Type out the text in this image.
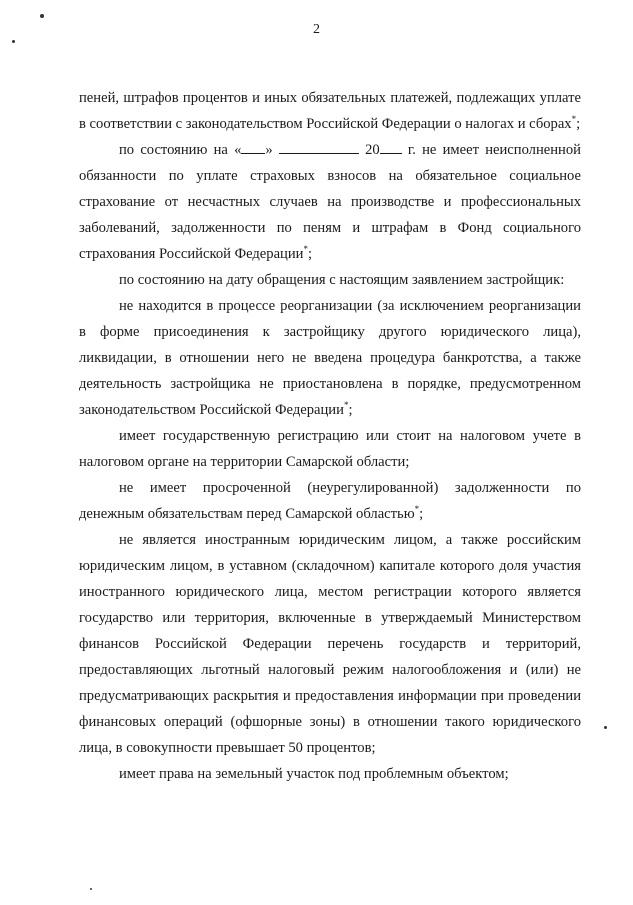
2

пеней, штрафов процентов и иных обязательных платежей, подлежащих уплате в соответствии с законодательством Российской Федерации о налогах и сборах*;

по состоянию на « »	20 г. не имеет неисполненной обязанности по уплате страховых взносов на обязательное социальное страхование от несчастных случаев на производстве и профессиональных заболеваний, задолженности по пеням и штрафам в Фонд социального страхования Российской Федерации*;

по состоянию на дату обращения с настоящим заявлением застройщик:

не находится в процессе реорганизации (за исключением реорганизации в форме присоединения к застройщику другого юридического лица), ликвидации, в отношении него не введена процедура банкротства, а также деятельность застройщика не приостановлена в порядке, предусмотренном законодательством Российской Федерации*;

имеет государственную регистрацию или стоит на налоговом учете в налоговом органе на территории Самарской области;

не имеет просроченной (неурегулированной) задолженности по денежным обязательствам перед Самарской областью*;

не является иностранным юридическим лицом, а также российским юридическим лицом, в уставном (складочном) капитале которого доля участия иностранного юридического лица, местом регистрации которого является государство или территория, включенные в утверждаемый Министерством финансов Российской Федерации перечень государств и территорий, предоставляющих льготный налоговый режим налогообложения и (или) не предусматривающих раскрытия и предоставления информации при проведении финансовых операций (офшорные зоны) в отношении такого юридического лица, в совокупности превышает 50 процентов;

имеет права на земельный участок под проблемным объектом;
